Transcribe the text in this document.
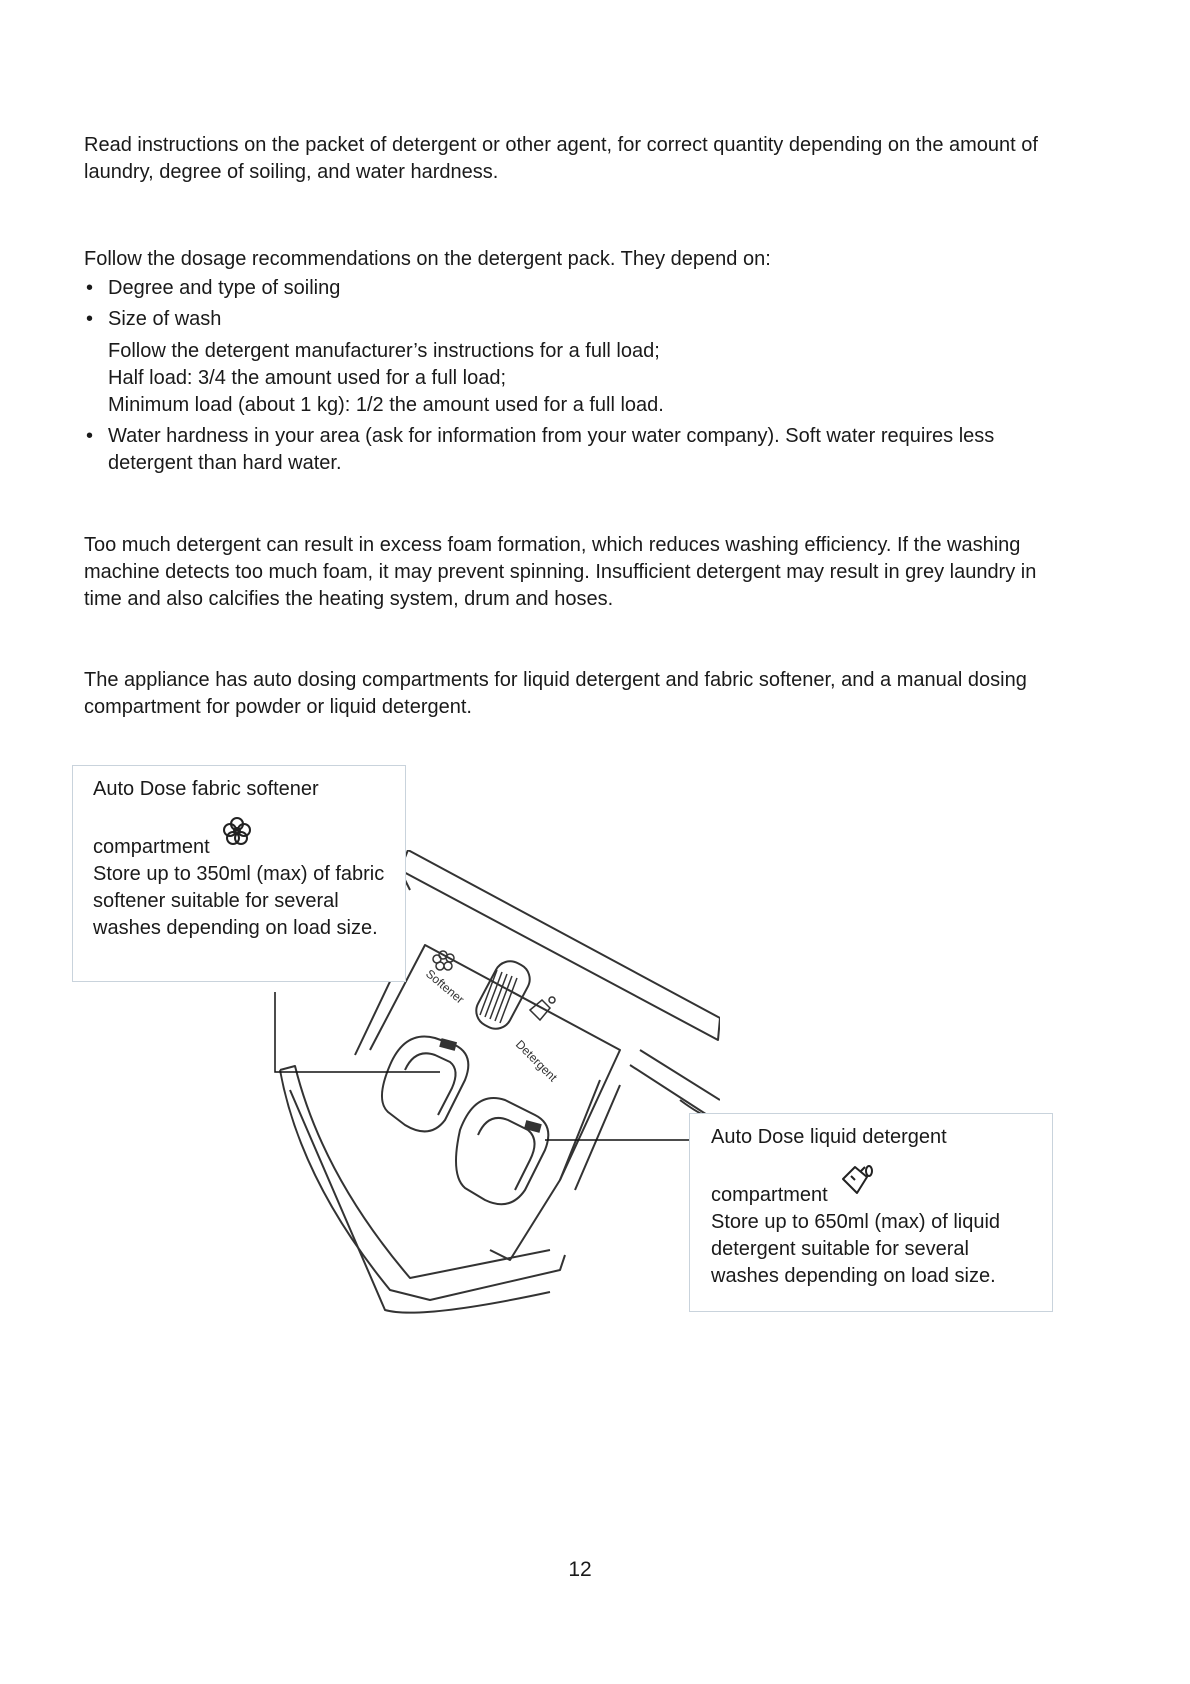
Read instructions on the packet of detergent or other agent, for correct quantity depending on the amount of laundry, degree of soiling, and water hardness.

Follow the dosage recommendations on the detergent pack. They depend on:

• Degree and type of soiling
• Size of wash
Follow the detergent manufacturer’s instructions for a full load;
Half load: 3/4 the amount used for a full load;
Minimum load (about 1 kg): 1/2 the amount used for a full load.
• Water hardness in your area (ask for information from your water company). Soft water requires less detergent than hard water.

Too much detergent can result in excess foam formation, which reduces washing efficiency. If the washing machine detects too much foam, it may prevent spinning. Insufficient detergent may result in grey laundry in time and also calcifies the heating system, drum and hoses.

The appliance has auto dosing compartments for liquid detergent and fabric softener, and a manual dosing compartment for powder or liquid detergent.

Softener
Detergent
Auto Dose fabric softener
compartment
Store up to 350ml (max) of fabric softener suitable for several washes depending on load size.
Auto Dose liquid detergent
compartment
Store up to 650ml (max) of liquid detergent suitable for several washes depending on load size.
12
